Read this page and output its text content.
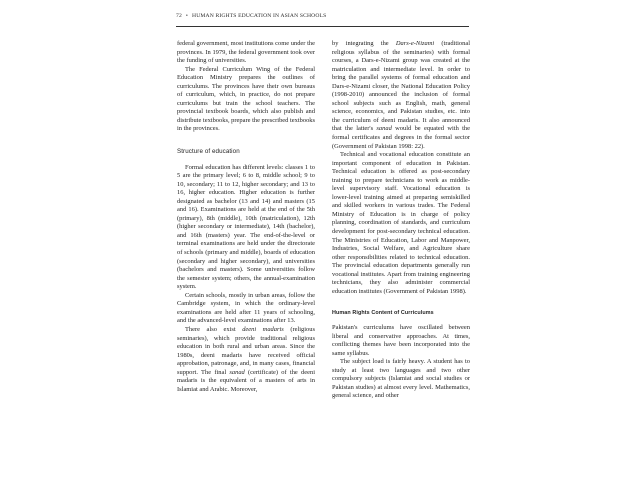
72 • HUMAN RIGHTS EDUCATION IN ASIAN SCHOOLS

federal government, most institutions come under the provinces. In 1979, the federal government took over the funding of universities.

The Federal Curriculum Wing of the Federal Education Ministry prepares the outlines of curriculums. The provinces have their own bureaus of curriculum, which, in practice, do not prepare curriculums but train the school teachers. The provincial textbook boards, which also publish and distribute textbooks, prepare the prescribed textbooks in the provinces.

Structure of education

Formal education has different levels: classes 1 to 5 are the primary level; 6 to 8, middle school; 9 to 10, secondary; 11 to 12, higher secondary; and 13 to 16, higher education. Higher education is further designated as bachelor (13 and 14) and masters (15 and 16). Examinations are held at the end of the 5th (primary), 8th (middle), 10th (matriculation), 12th (higher secondary or intermediate), 14th (bachelor), and 16th (masters) year. The end-of-the-level or terminal examinations are held under the directorate of schools (primary and middle), boards of education (secondary and higher secondary), and universities (bachelors and masters). Some universities follow the semester system; others, the annual-examination system.

Certain schools, mostly in urban areas, follow the Cambridge system, in which the ordinary-level examinations are held after 11 years of schooling, and the advanced-level examinations after 13.

There also exist deeni madaris (religious seminaries), which provide traditional religious education in both rural and urban areas. Since the 1980s, deeni madaris have received official approbation, patronage, and, in many cases, financial support. The final sanad (certificate) of the deeni madaris is the equivalent of a masters of arts in Islamiat and Arabic. Moreover,

by integrating the Dars-e-Nizami (traditional religious syllabus of the seminaries) with formal courses, a Dars-e-Nizami group was created at the matriculation and intermediate level. In order to bring the parallel systems of formal education and Dars-e-Nizami closer, the National Education Policy (1998-2010) announced the inclusion of formal school subjects such as English, math, general science, economics, and Pakistan studies, etc. into the curriculum of deeni madaris. It also announced that the latter's sanad would be equated with the formal certificates and degrees in the formal sector (Government of Pakistan 1998: 22).

Technical and vocational education constitute an important component of education in Pakistan. Technical education is offered as post-secondary training to prepare technicians to work as middle-level supervisory staff. Vocational education is lower-level training aimed at preparing semiskilled and skilled workers in various trades. The Federal Ministry of Education is in charge of policy planning, coordination of standards, and curriculum development for post-secondary technical education. The Ministries of Education, Labor and Manpower, Industries, Social Welfare, and Agriculture share other responsibilities related to technical education. The provincial education departments generally run vocational institutes. Apart from training engineering technicians, they also administer commercial education institutes (Government of Pakistan 1998).

Human Rights Content of Curriculums

Pakistan's curriculums have oscillated between liberal and conservative approaches. At times, conflicting themes have been incorporated into the same syllabus.

The subject load is fairly heavy. A student has to study at least two languages and two other compulsory subjects (Islamiat and social studies or Pakistan studies) at almost every level. Mathematics, general science, and other
